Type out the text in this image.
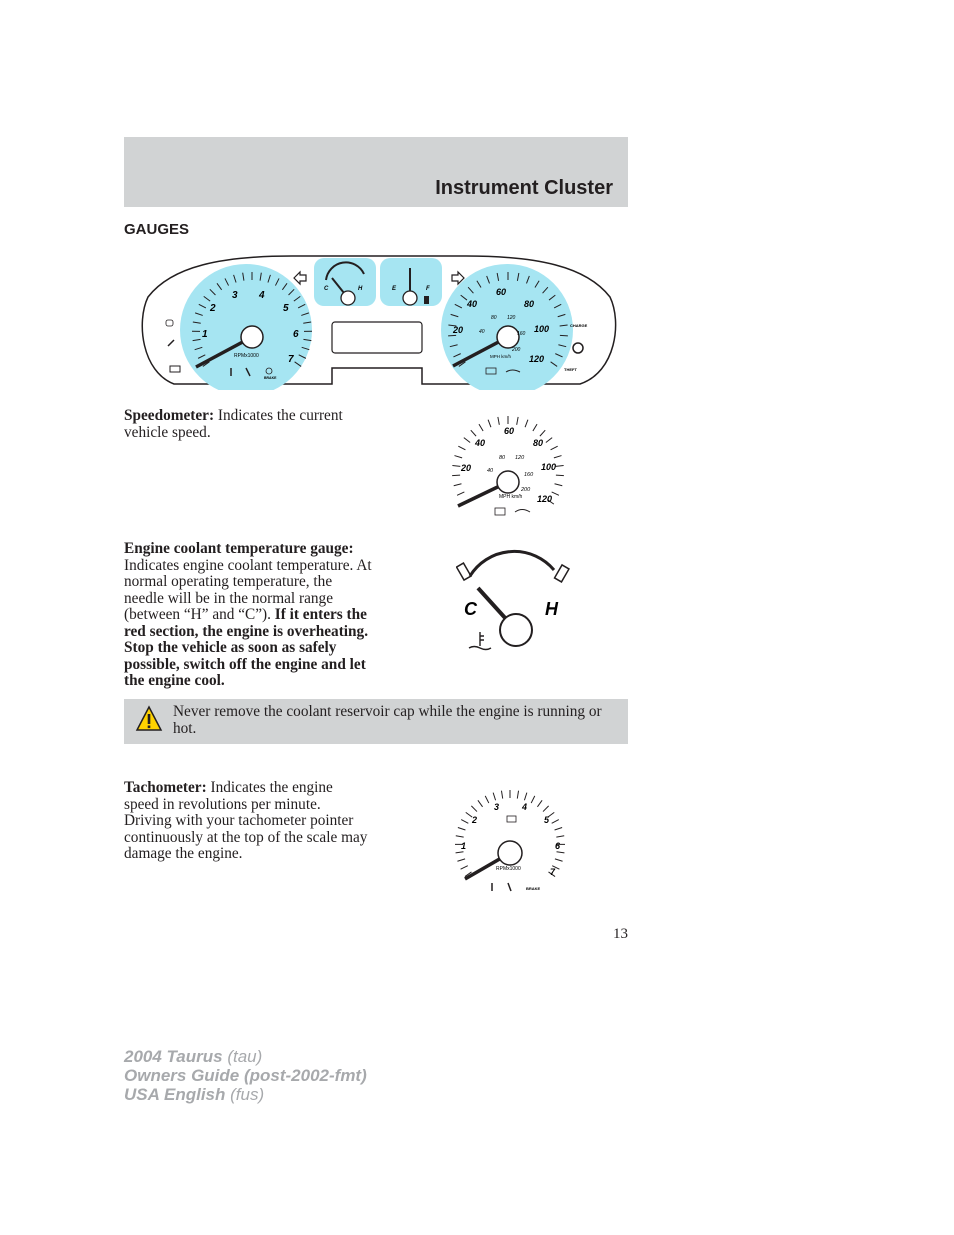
Instrument Cluster
GAUGES
1
2
3 4
5
6
7
RPMx1000
C	H	E	F
20
40
60
80
100
120
40
80 120
160
200
MPH km/h
CHARGE
THEFT
BRAKE
Speedometer: Indicates the current vehicle speed.
20
40
60
80
100
120
40
80 120
160
200
MPH km/h
Engine coolant temperature gauge: Indicates engine coolant temperature. At normal operating temperature, the needle will be in the normal range (between “H” and “C”). If it enters the red section, the engine is overheating. Stop the vehicle as soon as safely possible, switch off the engine and let the engine cool.
C	H
Never remove the coolant reservoir cap while the engine is running or hot.
Tachometer: Indicates the engine speed in revolutions per minute. Driving with your tachometer pointer continuously at the top of the scale may damage the engine.	1
2
3	4
5
6
7
RPMx1000
BRAKE
13
2004 Taurus (tau)
Owners Guide (post-2002-fmt)
USA English (fus)
